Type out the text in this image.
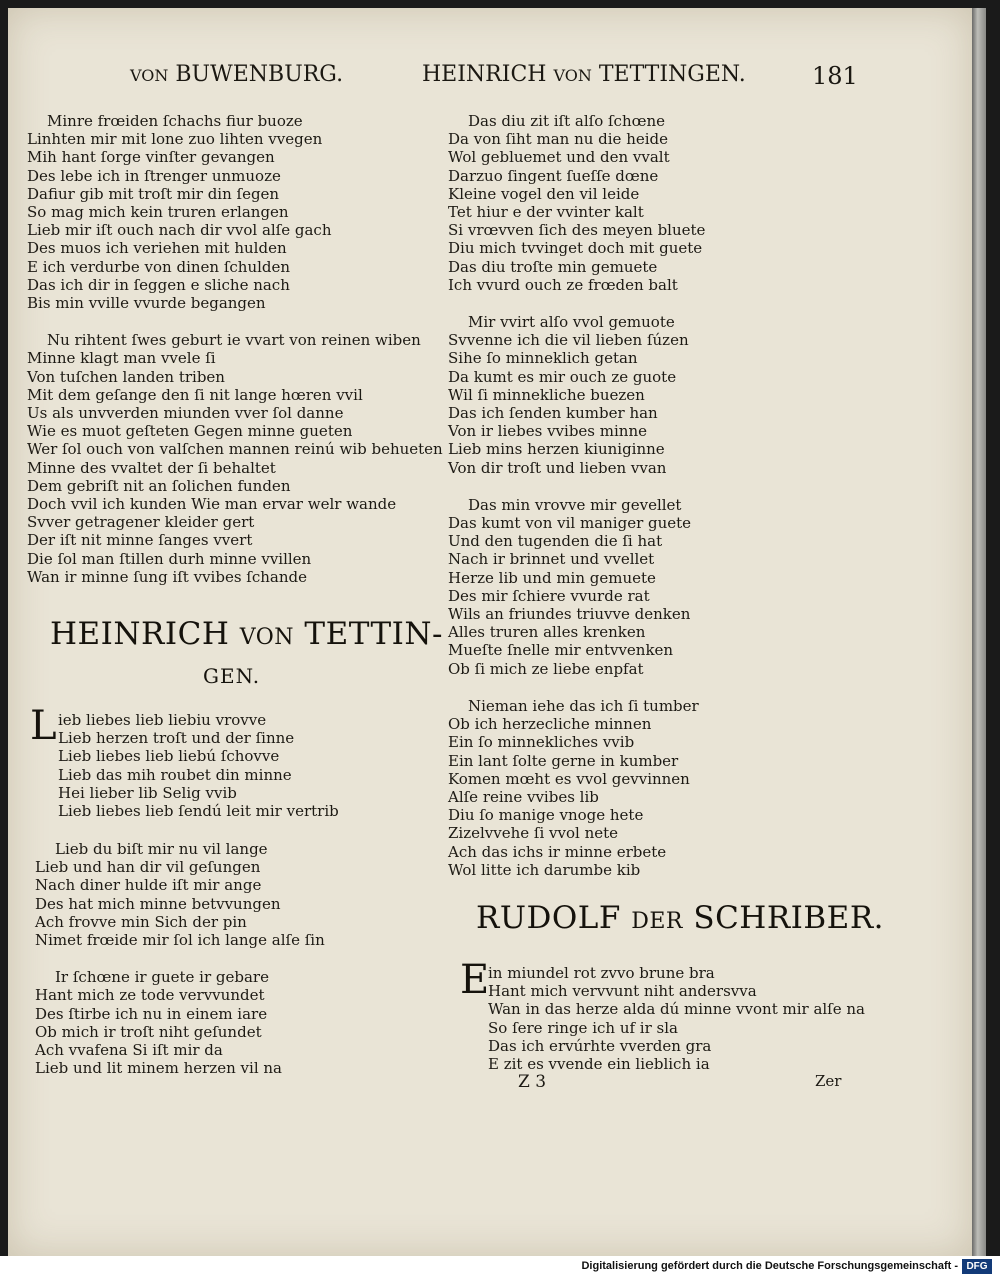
VON BUWENBURG.	HEINRICH VON TETTINGEN.	181
Minre frœiden ſchachs fiur buoze
Linhten mir mit lone zuo lihten vvegen
Mih hant ſorge vinſter gevangen
Des lebe ich in ſtrenger unmuoze
Dafiur gib mit troſt mir din ſegen
So mag mich kein truren erlangen
Lieb mir iſt ouch nach dir vvol alſe gach
Des muos ich veriehen mit hulden
E ich verdurbe von dinen ſchulden
Das ich dir in ſeggen e sliche nach
Bis min vville vvurde begangen
Nu rihtent ſwes geburt ie vvart von reinen wiben
Minne klagt man vvele ſi
Von tuſchen landen triben
Mit dem geſange den ſi nit lange hœren vvil
Us als unvverden miunden vver ſol danne
Wie es muot geſteten Gegen minne gueten
Wer ſol ouch von valſchen mannen reinú wib behueten
Minne des vvaltet der ſi behaltet
Dem gebriſt nit an ſolichen funden
Doch vvil ich kunden Wie man ervar welr wande
Svver getragener kleider gert
Der iſt nit minne ſanges vvert
Die ſol man ſtillen durh minne vvillen
Wan ir minne ſung iſt vvibes ſchande
HEINRICH VON TETTIN-
GEN.
L ieb liebes lieb liebiu vrovve
Lieb herzen troſt und der ſinne
Lieb liebes lieb liebú ſchovve
Lieb das mih roubet din minne
Hei lieber lib Selig vvib
Lieb liebes lieb ſendú leit mir vertrib
Lieb du biſt mir nu vil lange
Lieb und han dir vil geſungen
Nach diner hulde iſt mir ange
Des hat mich minne betvvungen
Ach frovve min Sich der pin
Nimet frœide mir ſol ich lange alſe ſin
Ir ſchœne ir guete ir gebare
Hant mich ze tode vervvundet
Des ſtirbe ich nu in einem iare
Ob mich ir troſt niht geſundet
Ach vvafena Si iſt mir da
Lieb und lit minem herzen vil na
Das diu zit iſt alſo ſchœne
Da von ſiht man nu die heide
Wol gebluemet und den vvalt
Darzuo ſingent ſueſſe dœne
Kleine vogel den vil leide
Tet hiur e der vvinter kalt
Si vrœvven ſich des meyen bluete
Diu mich tvvinget doch mit guete
Das diu troſte min gemuete
Ich vvurd ouch ze frœden balt
Mir vvirt alſo vvol gemuote
Svvenne ich die vil lieben ſúzen
Sihe ſo minneklich getan
Da kumt es mir ouch ze guote
Wil ſi minnekliche buezen
Das ich ſenden kumber han
Von ir liebes vvibes minne
Lieb mins herzen kiuniginne
Von dir troſt und lieben vvan
Das min vrovve mir gevellet
Das kumt von vil maniger guete
Und den tugenden die ſi hat
Nach ir brinnet und vvellet
Herze lib und min gemuete
Des mir ſchiere vvurde rat
Wils an friundes triuvve denken
Alles truren alles krenken
Mueſte ſnelle mir entvvenken
Ob ſi mich ze liebe enpfat
Nieman iehe das ich ſi tumber
Ob ich herzecliche minnen
Ein ſo minnekliches vvib
Ein lant ſolte gerne in kumber
Komen mœht es vvol gevvinnen
Alſe reine vvibes lib
Diu ſo manige vnoge hete
Zizelvvehe ſi vvol nete
Ach das ichs ir minne erbete
Wol litte ich darumbe kib
RUDOLF DER SCHRIBER.
E
in miundel rot zvvo brune bra
Hant mich vervvunt niht andersvva
Wan in das herze alda dú minne vvont mir alſe na
So ſere ringe ich uf ir sla
Das ich ervúrhte vverden gra
E zit es vvende ein lieblich ia
Z 3	Zer
Digitalisierung gefördert durch die Deutsche Forschungsgemeinschaft - DFG
